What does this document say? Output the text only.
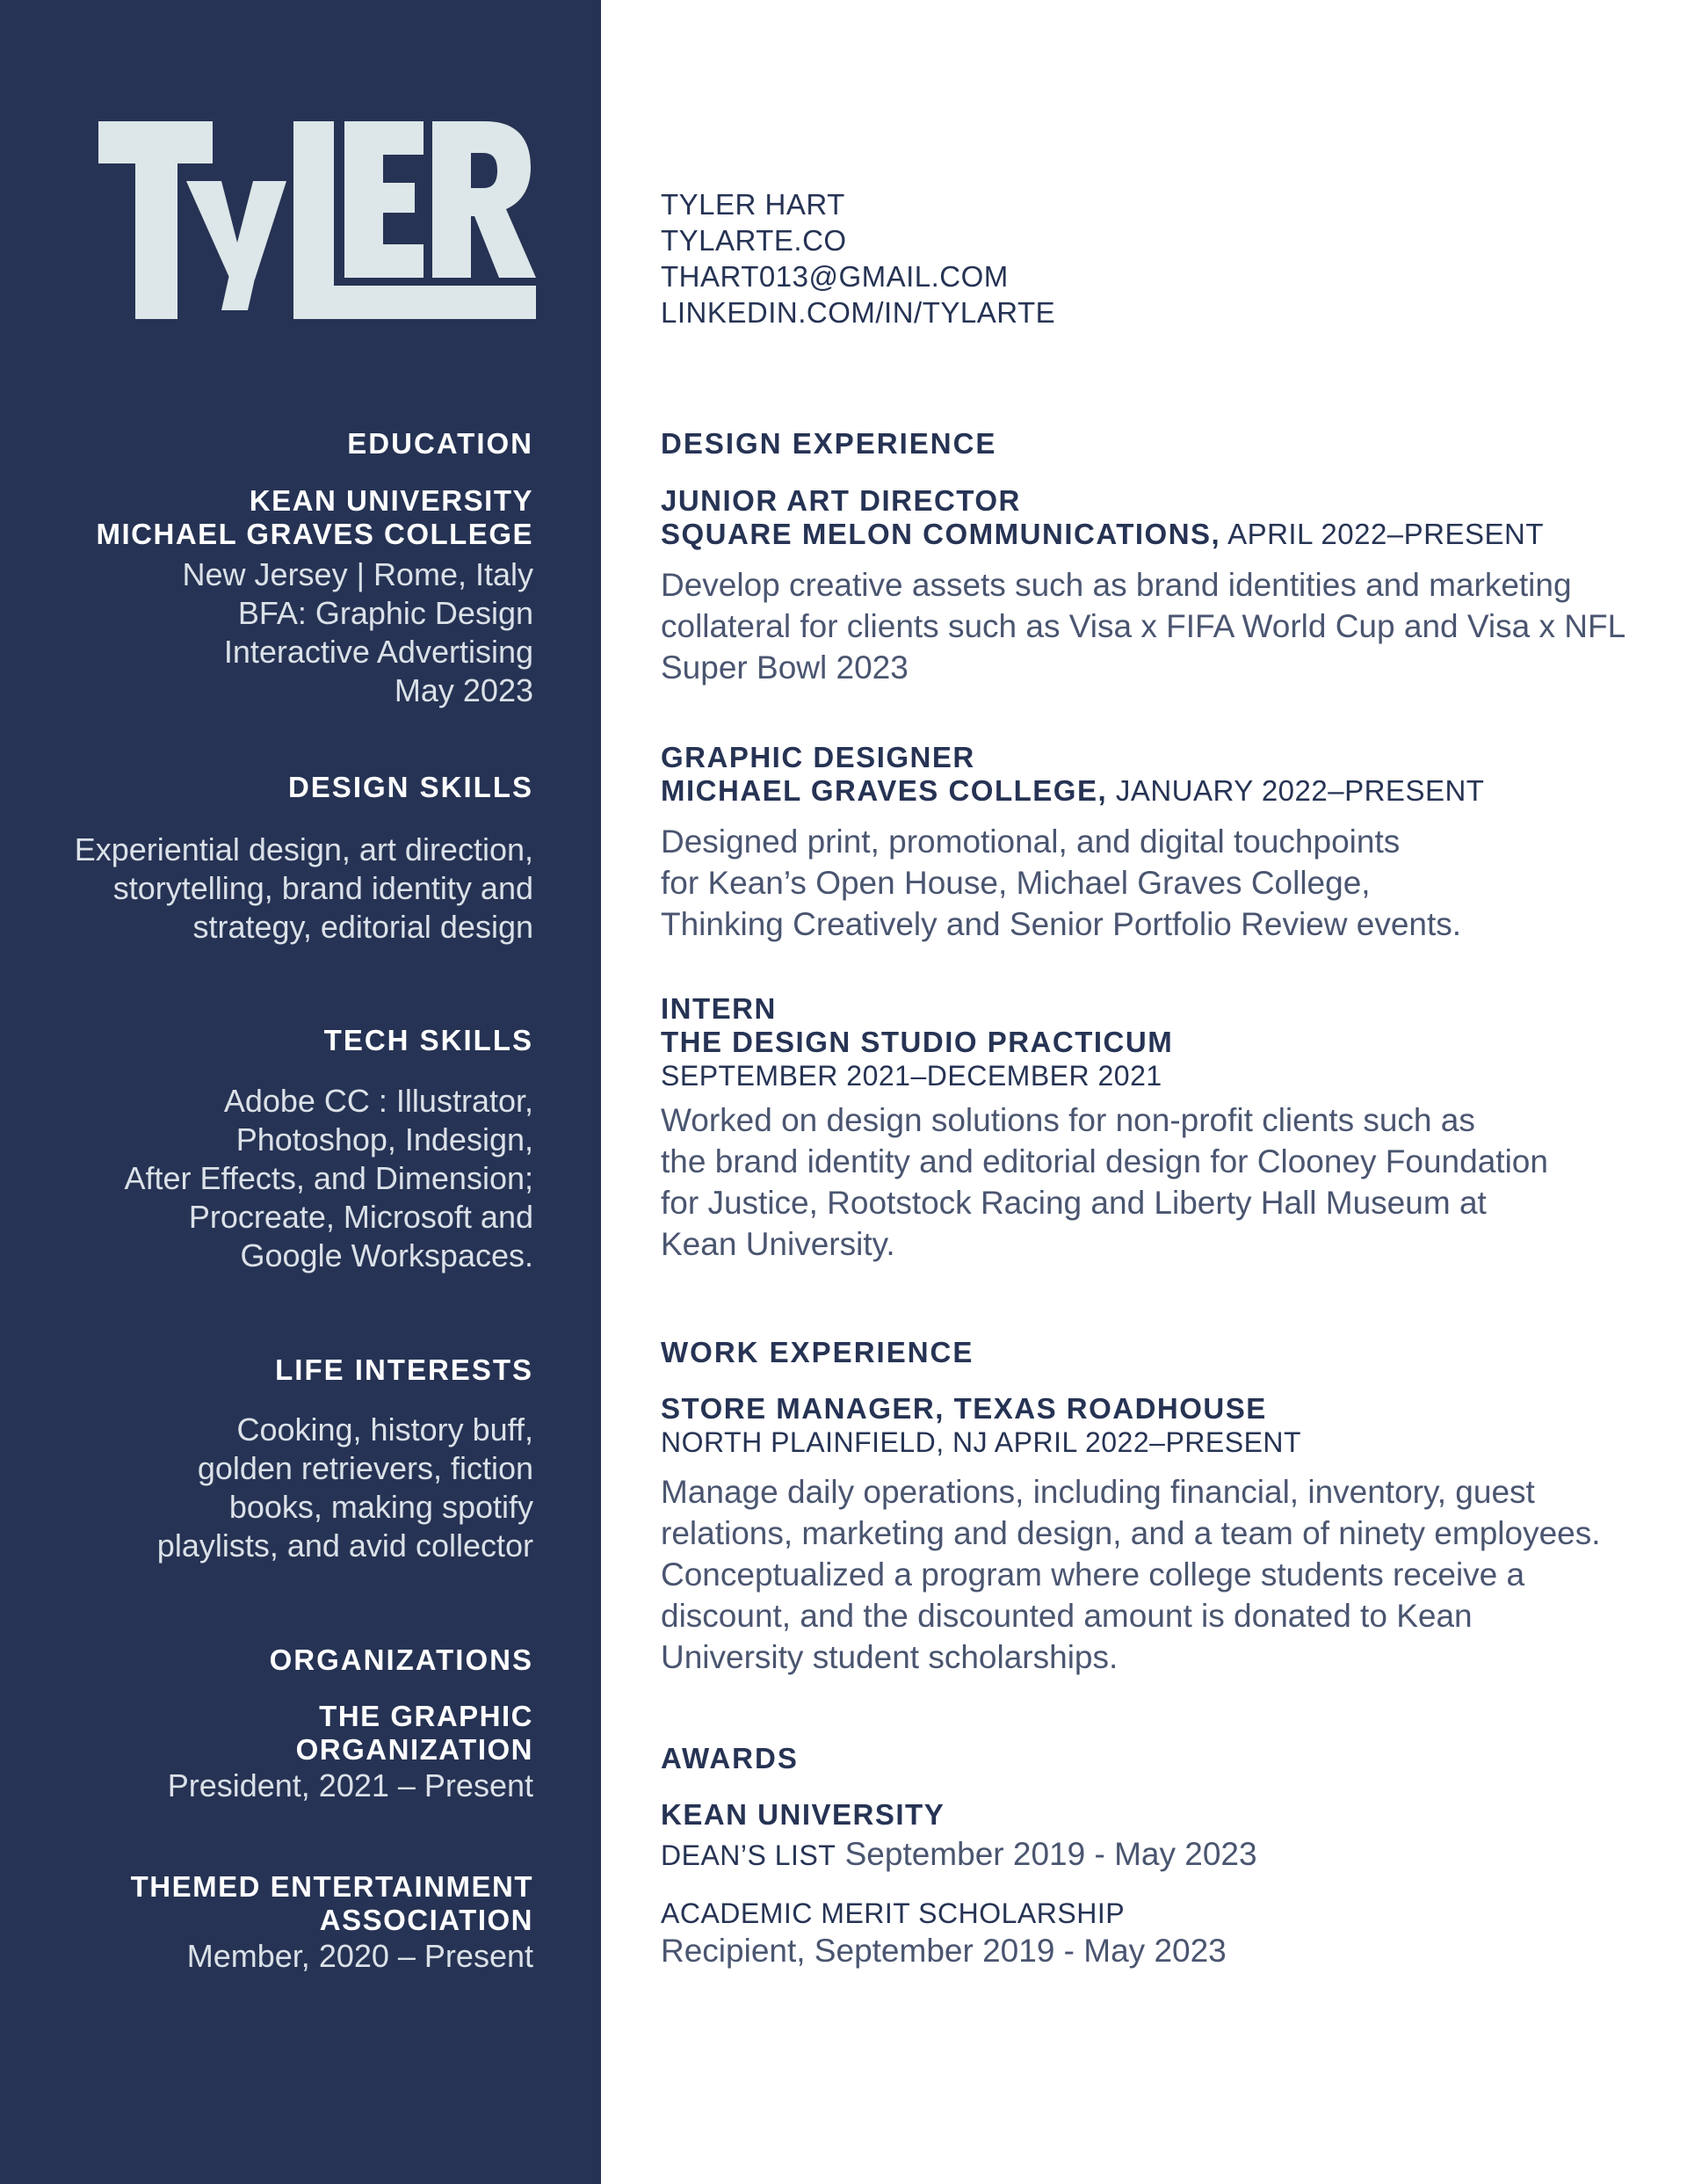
EDUCATION

KEAN UNIVERSITY

MICHAEL GRAVES COLLEGE

New Jersey | Rome, Italy

BFA: Graphic Design

Interactive Advertising

May 2023

DESIGN SKILLS

Experiential design, art direction,

storytelling, brand identity and

strategy, editorial design

TECH SKILLS

Adobe CC : Illustrator,

Photoshop, Indesign,

After Effects, and Dimension;

Procreate, Microsoft and

Google Workspaces.

LIFE INTERESTS

Cooking, history buff,

golden retrievers, fiction

books, making spotify

playlists, and avid collector

ORGANIZATIONS

THE GRAPHIC

ORGANIZATION

President, 2021 – Present

THEMED ENTERTAINMENT

ASSOCIATION

Member, 2020 – Present

TYLER HART
TYLARTE.CO
THART013@GMAIL.COM
LINKEDIN.COM/IN/TYLARTE

DESIGN EXPERIENCE

JUNIOR ART DIRECTOR

SQUARE MELON COMMUNICATIONS, APRIL 2022–PRESENT

Develop creative assets such as brand identities and marketing

collateral for clients such as Visa x FIFA World Cup and Visa x NFL

Super Bowl 2023

GRAPHIC DESIGNER

MICHAEL GRAVES COLLEGE, JANUARY 2022–PRESENT

Designed print, promotional, and digital touchpoints

for Kean’s Open House, Michael Graves College,

Thinking Creatively and Senior Portfolio Review events.

INTERN

THE DESIGN STUDIO PRACTICUM

SEPTEMBER 2021–DECEMBER 2021

Worked on design solutions for non-profit clients such as

the brand identity and editorial design for Clooney Foundation

for Justice, Rootstock Racing and Liberty Hall Museum at

Kean University.

WORK EXPERIENCE

STORE MANAGER, TEXAS ROADHOUSE

NORTH PLAINFIELD, NJ APRIL 2022–PRESENT

Manage daily operations, including financial, inventory, guest

relations, marketing and design, and a team of ninety employees.

Conceptualized a program where college students receive a

discount, and the discounted amount is donated to Kean

University student scholarships.

AWARDS

KEAN UNIVERSITY

DEAN’S LIST September 2019 - May 2023

ACADEMIC MERIT SCHOLARSHIP

Recipient, September 2019 - May 2023
